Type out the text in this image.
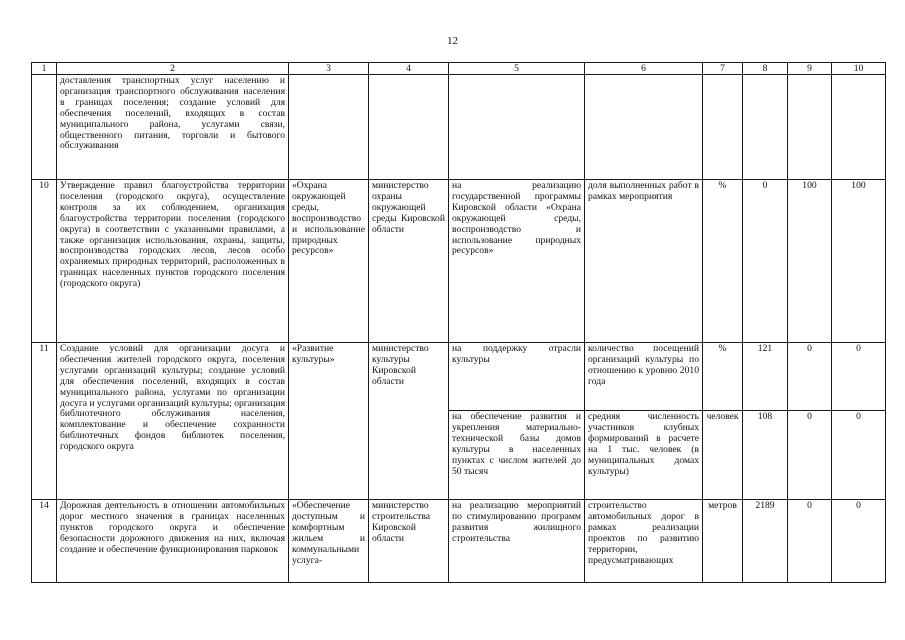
12
1	2	3	4	5	6	7	8	9	10
	доставления транспортных услуг населению и организация транспортного обслуживания населения в границах поселения; создание условий для обеспечения поселений, входящих в состав муниципального района, услугами связи, общественного питания, торговли и бытового обслуживания								
10	Утверждение правил благоустройства территории поселения (городского округа), осуществление контроля за их соблюдением, организация благоустройства территории поселения (городского округа) в соответствии с указанными правилами, а также организация использования, охраны, защиты, воспроизводства городских лесов, лесов особо охраняемых природных территорий, расположенных в границах населенных пунктов городского поселения (городского округа)	«Охрана окружающей среды, воспроизводство и использование природных ресурсов»	министерство охраны окружающей среды Кировской области	на реализацию государственной программы Кировской области «Охрана окружающей среды, воспроизводство и использование природных ресурсов»	доля выполненных работ в рамках мероприятия	%	0	100	100
11	Создание условий для организации досуга и обеспечения жителей городского округа, поселения услугами организаций культуры; создание условий для обеспечения поселений, входящих в состав муниципального района, услугами по организации досуга и услугами организаций культуры; организация библиотечного обслуживания населения, комплектование и обеспечение сохранности библиотечных фондов библиотек поселения, городского округа	«Развитие культуры»	министерство культуры Кировской области	на поддержку отрасли культуры	количество посещений организаций культуры по отношению к уровню 2010 года	%	121	0	0
				на обеспечение развития и укрепления материально-технической базы домов культуры в населенных пунктах с числом жителей до 50 тысяч	средняя численность участников клубных формирований в расчете на 1 тыс. человек (в муниципальных домах культуры)	человек	108	0	0
14	Дорожная деятельность в отношении автомобильных дорог местного значения в границах населенных пунктов городского округа и обеспечение безопасности дорожного движения на них, включая создание и обеспечение функционирования парковок	«Обеспечение доступным и комфортным жильем и коммунальными услуга-	министерство строительства Кировской области	на реализацию мероприятий по стимулированию программ развития жилищного строительства	строительство автомобильных дорог в рамках реализации проектов по развитию территории, предусматривающих	метров	2189	0	0
